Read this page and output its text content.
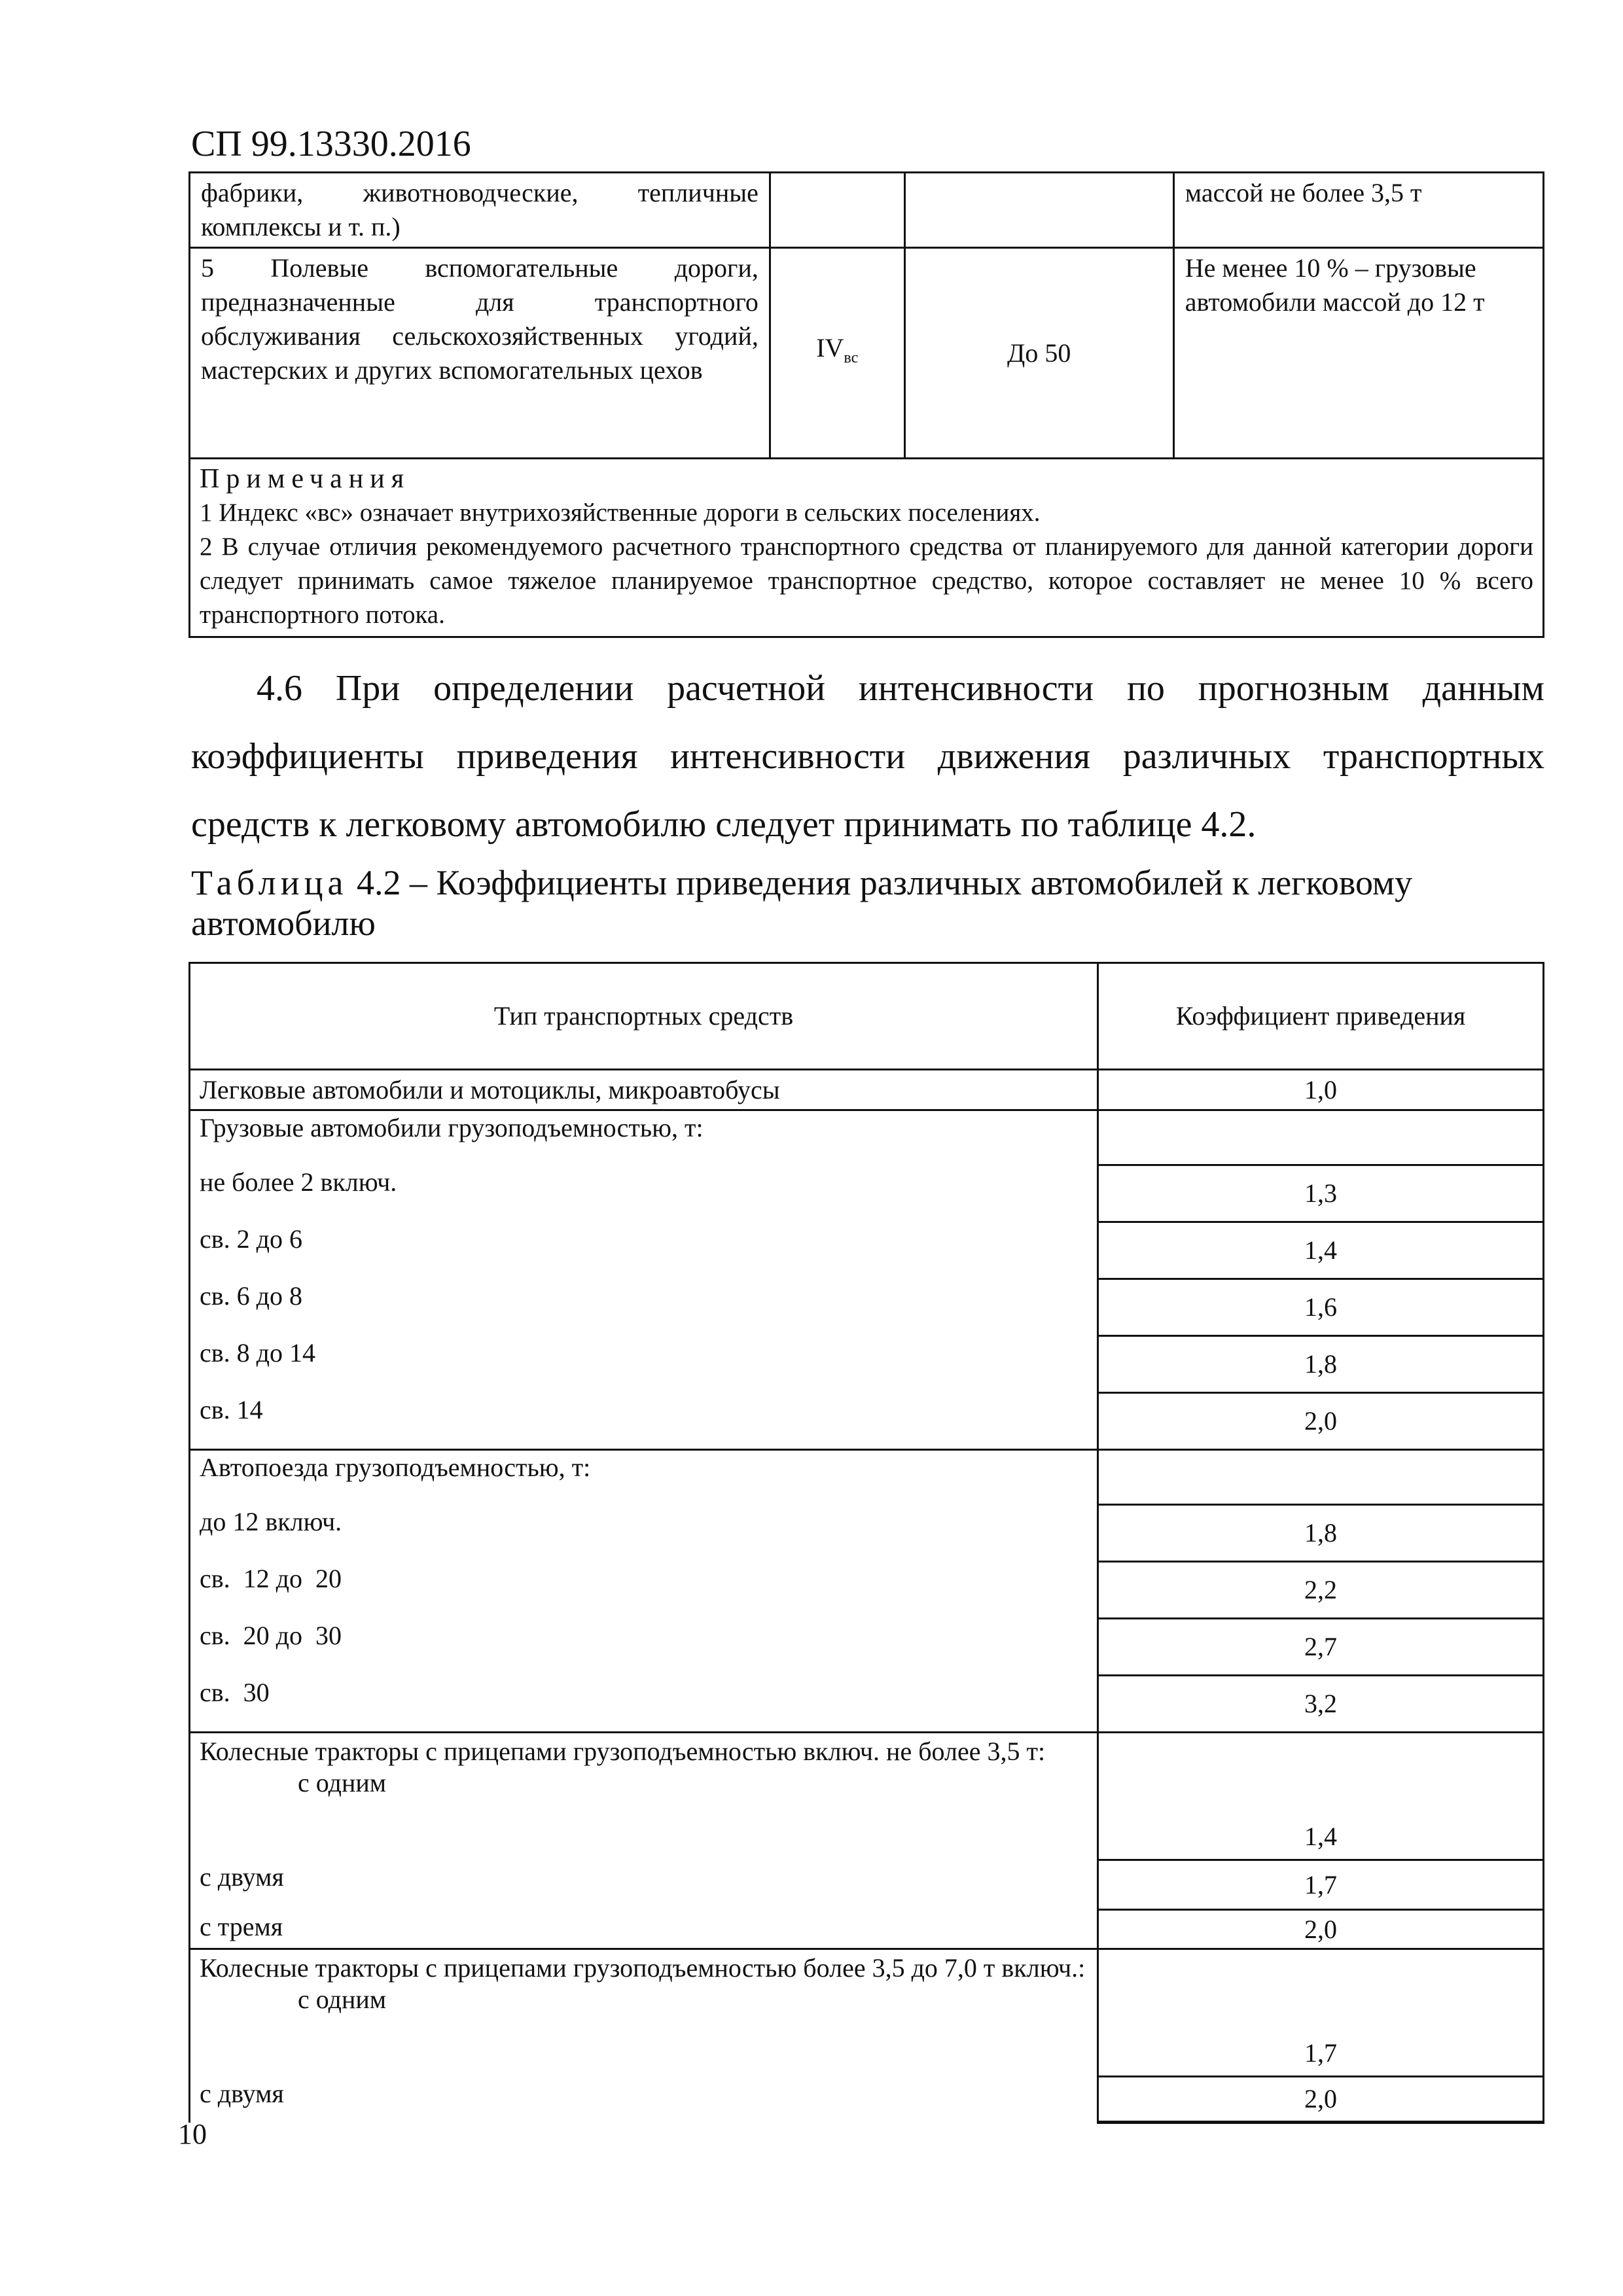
СП 99.13330.2016
фабрики, животноводческие, тепличные комплексы и т. п.)			массой не более 3,5 т
5 Полевые вспомогательные дороги, предназначенные для транспортного обслуживания сельскохозяйственных угодий, мастерских и других вспомогательных цехов	$IV_{вс}$	До 50	Не менее 10 % – грузовые автомобили массой до 12 т

Примечания
1 Индекс «вс» означает внутрихозяйственные дороги в сельских поселениях.
2 В случае отличия рекомендуемого расчетного транспортного средства от планируемого для данной категории дороги следует принимать самое тяжелое планируемое транспортное средство, которое составляет не менее 10 % всего транспортного потока.			

4.6 При определении расчетной интенсивности по прогнозным данным коэффициенты приведения интенсивности движения различных транспортных средств к легковому автомобилю следует принимать по таблице 4.2.

Таблица 4.2 – Коэффициенты приведения различных автомобилей к легковому автомобилю
Тип транспортных средств	Коэффициент приведения
Легковые автомобили и мотоциклы, микроавтобусы	1,0
Грузовые автомобили грузоподъемностью, т:	
не более 2 включ.	1,3
св. 2 до 6	1,4
св. 6 до 8	1,6
св. 8 до 14	1,8
св. 14	2,0
Автопоезда грузоподъемностью, т:	
до 12 включ.	1,8
св.  12 до  20	2,2
св.  20 до  30	2,7
св.  30	3,2

Колесные тракторы с прицепами грузоподъемностью включ. не более 3,5 т:
с одним	1,4
с двумя	1,7
с тремя	2,0

Колесные тракторы с прицепами грузоподъемностью более 3,5 до 7,0 т включ.:
с одним	1,7
с двумя	2,0
10
